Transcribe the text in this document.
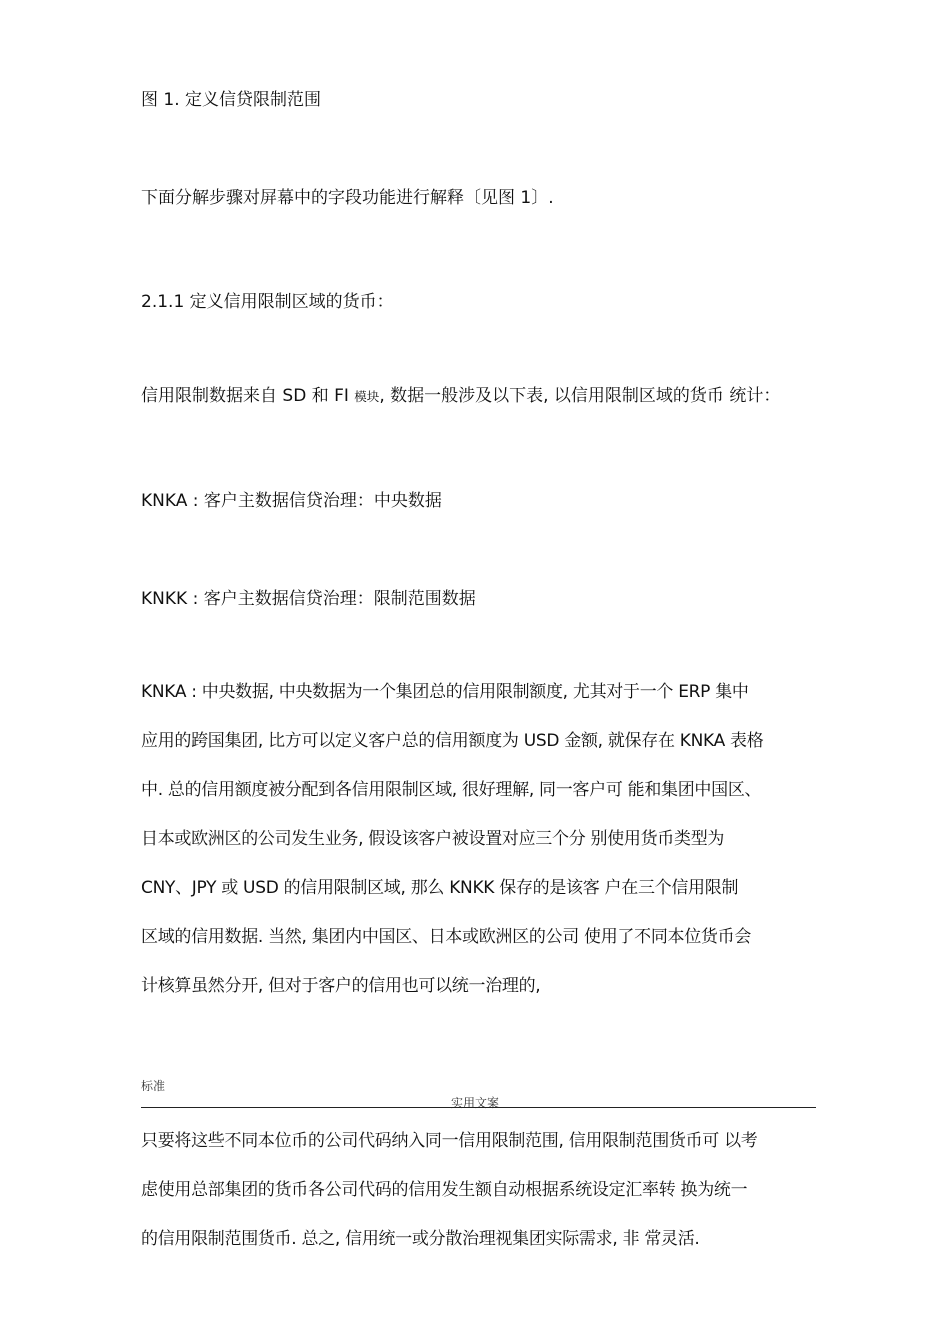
图 1. 定义信贷限制范围
下面分解步骤对屏幕中的字段功能进行解释〔见图 1〕.
2.1.1 定义信用限制区域的货币：
信用限制数据来自 SD 和 FI 模块, 数据一般涉及以下表, 以信用限制区域的货币 统计：
KNKA : 客户主数据信贷治理：中央数据
KNKK : 客户主数据信贷治理：限制范围数据
KNKA : 中央数据, 中央数据为一个集团总的信用限制额度, 尤其对于一个 ERP 集中
应用的跨国集团, 比方可以定义客户总的信用额度为 USD 金额, 就保存在 KNKA 表格
中. 总的信用额度被分配到各信用限制区域, 很好理解, 同一客户可 能和集团中国区、
日本或欧洲区的公司发生业务, 假设该客户被设置对应三个分 别使用货币类型为
CNY、JPY 或 USD 的信用限制区域, 那么 KNKK 保存的是该客 户在三个信用限制
区域的信用数据. 当然, 集团内中国区、日本或欧洲区的公司 使用了不同本位货币会
计核算虽然分开, 但对于客户的信用也可以统一治理的,
标准
实用文案
只要将这些不同本位币的公司代码纳入同一信用限制范围, 信用限制范围货币可 以考
虑使用总部集团的货币各公司代码的信用发生额自动根据系统设定汇率转 换为统一
的信用限制范围货币. 总之, 信用统一或分散治理视集团实际需求, 非 常灵活.
